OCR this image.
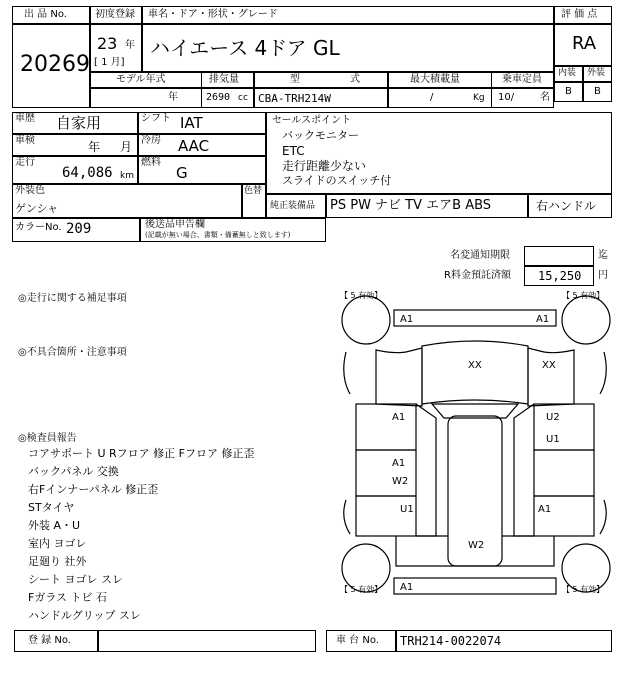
出 品 No.
20269
初度登録
23 年
[ 1 月]
車名・ドア・形状・グレード
ハイエース 4ドア GL
評 価 点
RA
内装 外装
B B
モデル年式
年
排気量
2690 cc
型	式
CBA-TRH214W
最大積載量
/	Kg
乗車定員
10/	名
車歴 自家用
車検	年 月
走行
64,086 km
シフト IAT
冷房 AAC
燃料
G
セールスポイント
バックモニター
ETC
走行距離少ない
スライドのスイッチ付
外装色
ゲンシャ
色替
純正装備品 PS PW ナビ TV エアB ABS	右ハンドル
カラーNo. 209	後送品申告欄
(記載が無い場合、書類・備蓄無しと致します)
名変通知期限	迄
R料金預託済額 15,250 円
◎走行に関する補足事項
◎不具合箇所・注意事項
◎検査員報告
コアサポート U Rフロア 修正 Fフロア 修正歪
バックパネル 交換
右Fインナーパネル 修正歪
STタイヤ
外装 A・U
室内 ヨゴレ
足廻り 社外
シート ヨゴレ スレ
Fガラス トビ 石
ハンドルグリップ スレ
【 5 有効】	【 5 有効】
【 5 有効】	【 5 有効】
A1	A1
XX	XX
A1	U2
U1
A1
W2
U1	A1
W2
A1
登 録 No.	車 台 No. TRH214-0022074
